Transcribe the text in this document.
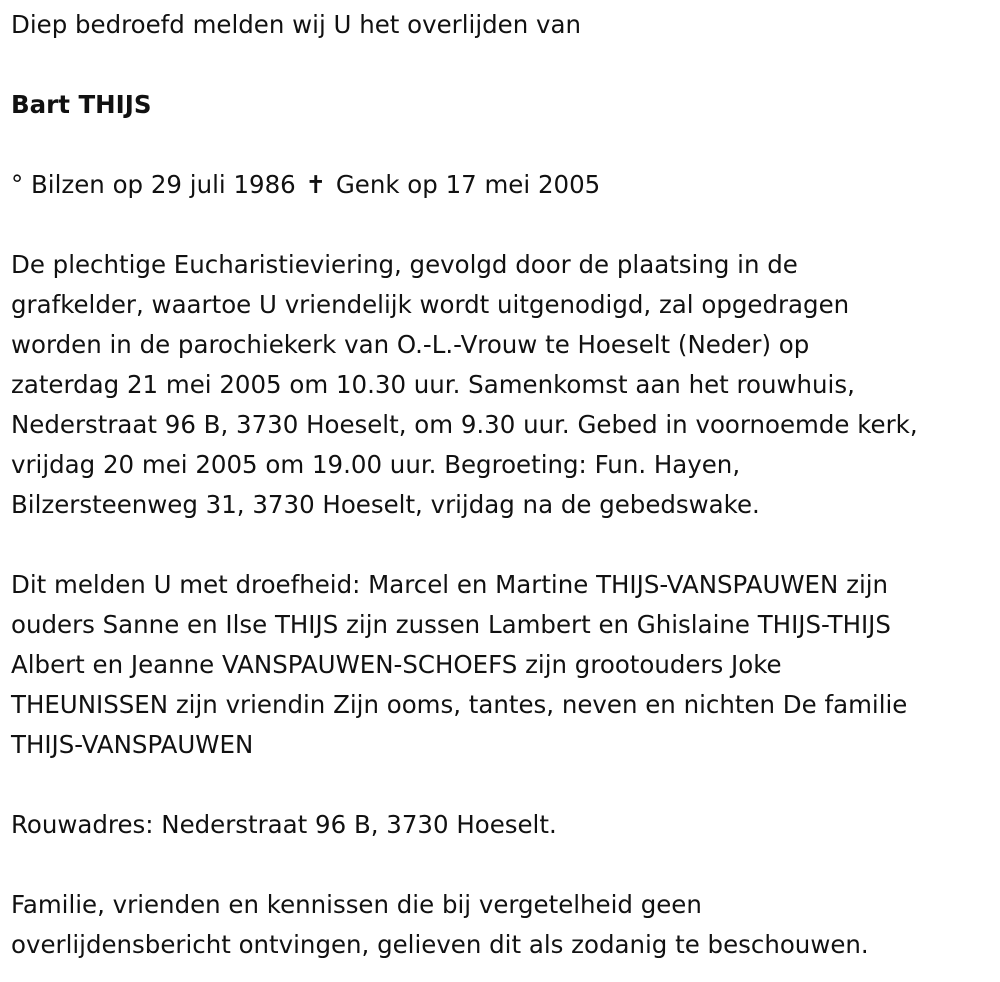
Diep bedroefd melden wij U het overlijden van

Bart THIJS

° Bilzen op 29 juli 1986 ✝ Genk op 17 mei 2005

De plechtige Eucharistieviering, gevolgd door de plaatsing in de

grafkelder, waartoe U vriendelijk wordt uitgenodigd, zal opgedragen

worden in de parochiekerk van O.-L.-Vrouw te Hoeselt (Neder) op

zaterdag 21 mei 2005 om 10.30 uur. Samenkomst aan het rouwhuis,

Nederstraat 96 B, 3730 Hoeselt, om 9.30 uur. Gebed in voornoemde kerk,

vrijdag 20 mei 2005 om 19.00 uur. Begroeting: Fun. Hayen,

Bilzersteenweg 31, 3730 Hoeselt, vrijdag na de gebedswake.

Dit melden U met droefheid: Marcel en Martine THIJS-VANSPAUWEN zijn

ouders Sanne en Ilse THIJS zijn zussen Lambert en Ghislaine THIJS-THIJS

Albert en Jeanne VANSPAUWEN-SCHOEFS zijn grootouders Joke

THEUNISSEN zijn vriendin Zijn ooms, tantes, neven en nichten De familie

THIJS-VANSPAUWEN

Rouwadres: Nederstraat 96 B, 3730 Hoeselt.

Familie, vrienden en kennissen die bij vergetelheid geen

overlijdensbericht ontvingen, gelieven dit als zodanig te beschouwen.
